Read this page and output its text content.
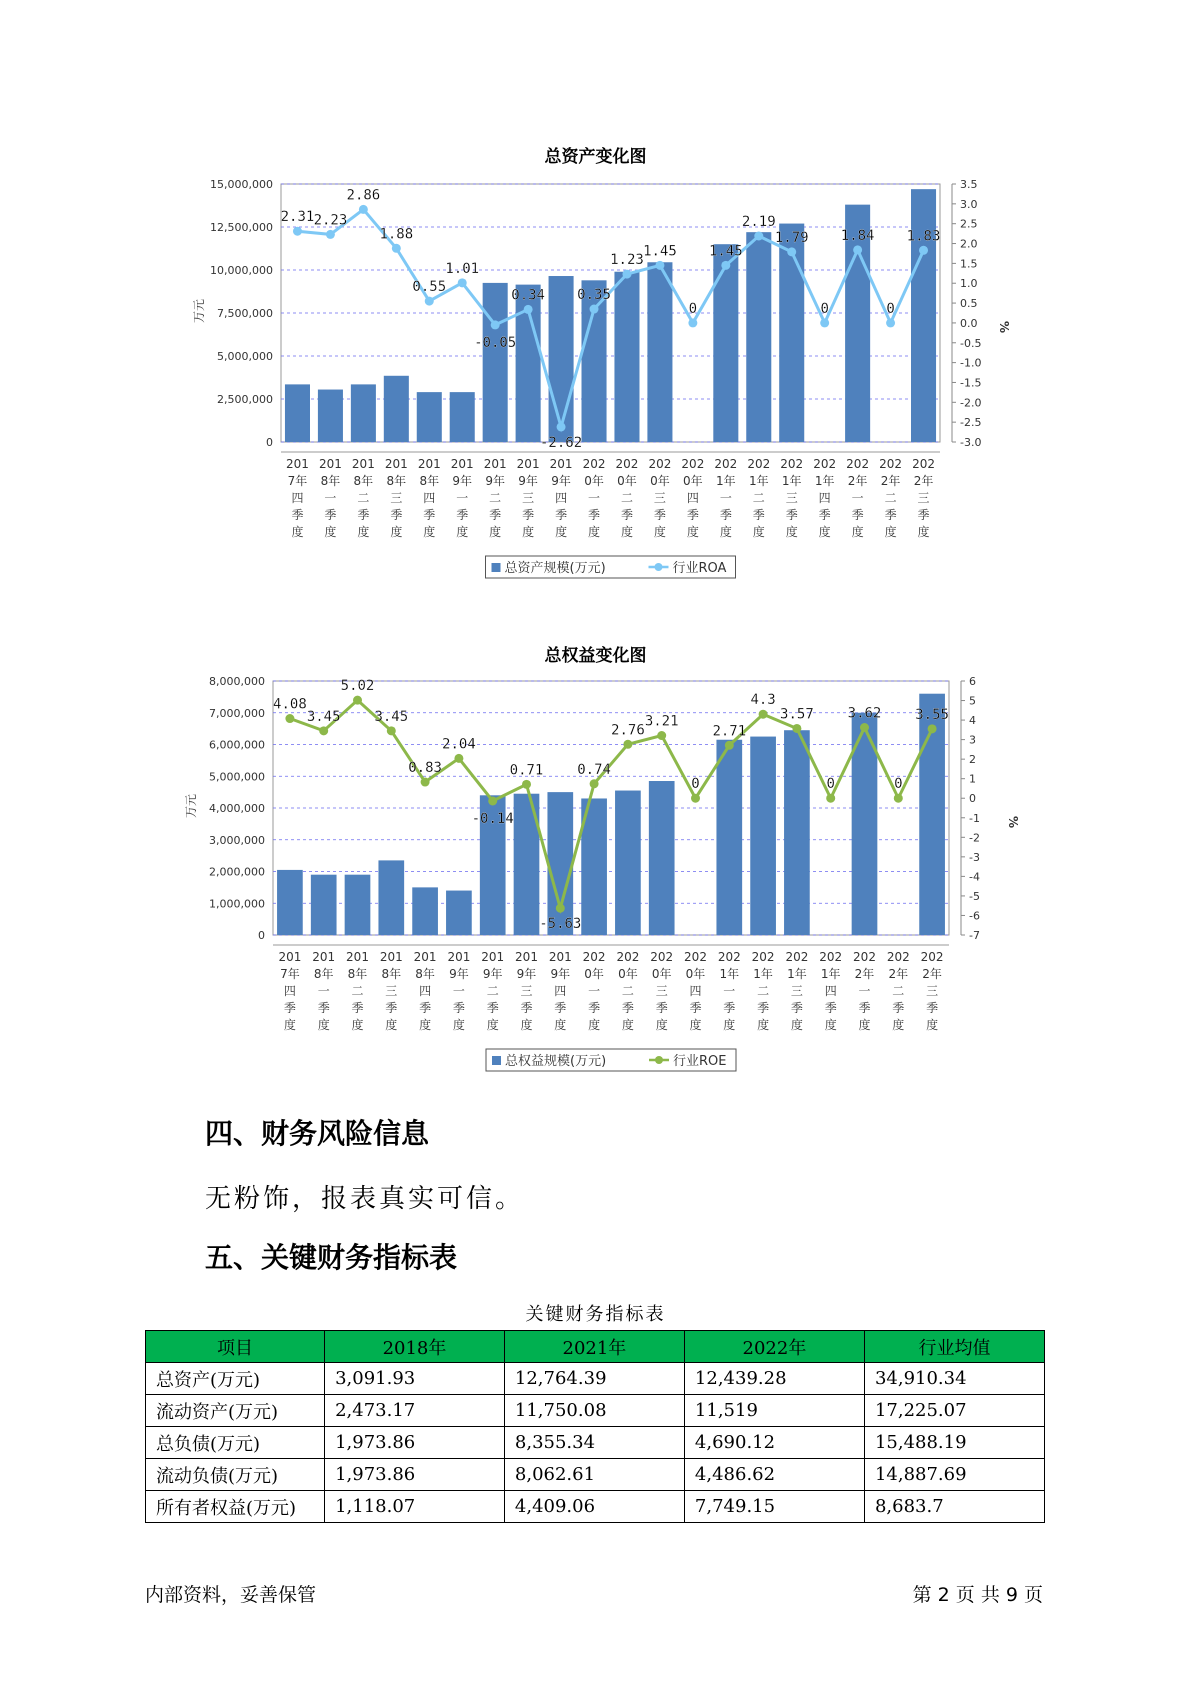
总资产变化图
15,000,000
12,500,000
10,000,000
7,500,000
5,000,000
2,500,000
0
3.5
3.0
2.5
2.0
1.5
1.0
0.5
0.0
-0.5
-1.0
-1.5
-2.0
-2.5
-3.0
万元
%
2.31 2.23
2.86
1.88
0.55
1.01
-0.05
0.34
-2.62
0.35
1.23
1.45
0
1.45
2.19
1.79
0
1.84
0
1.83
201
7年
四
季
度
201
8年
一
季
度
201
8年
二
季
度
201
8年
三
季
度
201
8年
四
季
度
201
9年
一
季
度
201
9年
二
季
度
201
9年
三
季
度
201
9年
四
季
度
202
0年
一
季
度
202
0年
二
季
度
202
0年
三
季
度
202
0年
四
季
度
202
1年
一
季
度
202
1年
二
季
度
202
1年
三
季
度
202
1年
四
季
度
202
2年
一
季
度
202
2年
二
季
度
202
2年
三
季
度
总资产规模(万元)	行业ROA
总权益变化图
8,000,000
7,000,000
6,000,000
5,000,000
4,000,000
3,000,000
2,000,000
1,000,000
0
6
5
4
3
2
1
0
-1
-2
-3
-4
-5
-6
-7
万元
%
4.08
3.45
5.02
3.45
0.83
2.04
-0.14
0.71
-5.63
0.74
2.76
3.21
0
2.71
4.3
3.57
0
3.62
0
3.55
201
7年
四
季
度
201
8年
一
季
度
201
8年
二
季
度
201
8年
三
季
度
201
8年
四
季
度
201
9年
一
季
度
201
9年
二
季
度
201
9年
三
季
度
201
9年
四
季
度
202
0年
一
季
度
202
0年
二
季
度
202
0年
三
季
度
202
0年
四
季
度
202
1年
一
季
度
202
1年
二
季
度
202
1年
三
季
度
202
1年
四
季
度
202
2年
一
季
度
202
2年
二
季
度
202
2年
三
季
度
总权益规模(万元)	行业ROE
四、财务风险信息
无粉饰，报表真实可信。
五、关键财务指标表
关键财务指标表
项目	2018年	2021年	2022年	行业均值
总资产(万元)	3,091.93	12,764.39	12,439.28	34,910.34
流动资产(万元)	2,473.17	11,750.08	11,519	17,225.07
总负债(万元)	1,973.86	8,355.34	4,690.12	15,488.19
流动负债(万元)	1,973.86	8,062.61	4,486.62	14,887.69
所有者权益(万元)	1,118.07	4,409.06	7,749.15	8,683.7
内部资料，妥善保管	第 2 页 共 9 页
